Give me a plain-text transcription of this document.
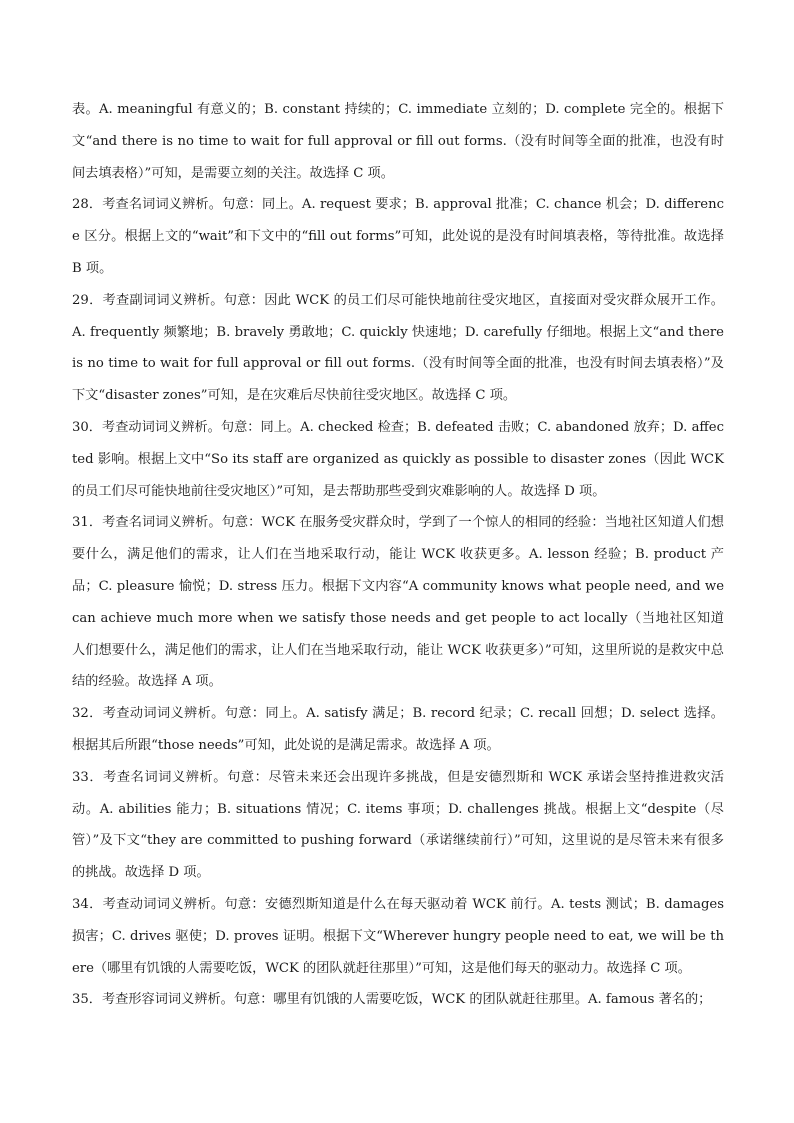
表。A. meaningful 有意义的；B. constant 持续的；C. immediate 立刻的；D. complete 完全的。根据下文“and there is no time to wait for full approval or fill out forms.（没有时间等全面的批准，也没有时间去填表格）”可知，是需要立刻的关注。故选择 C 项。

28．考查名词词义辨析。句意：同上。A. request 要求；B. approval 批准；C. chance 机会；D. difference 区分。根据上文的“wait”和下文中的“fill out forms”可知，此处说的是没有时间填表格，等待批准。故选择 B 项。

29．考查副词词义辨析。句意：因此 WCK 的员工们尽可能快地前往受灾地区，直接面对受灾群众展开工作。A. frequently 频繁地；B. bravely 勇敢地；C. quickly 快速地；D. carefully 仔细地。根据上文“and there is no time to wait for full approval or fill out forms.（没有时间等全面的批准，也没有时间去填表格）”及下文“disaster zones”可知，是在灾难后尽快前往受灾地区。故选择 C 项。

30．考查动词词义辨析。句意：同上。A. checked 检查；B. defeated 击败；C. abandoned 放弃；D. affected 影响。根据上文中“So its staff are organized as quickly as possible to disaster zones（因此 WCK 的员工们尽可能快地前往受灾地区）”可知，是去帮助那些受到灾难影响的人。故选择 D 项。

31．考查名词词义辨析。句意：WCK 在服务受灾群众时，学到了一个惊人的相同的经验：当地社区知道人们想要什么，满足他们的需求，让人们在当地采取行动，能让 WCK 收获更多。A. lesson 经验；B. product 产品；C. pleasure 愉悦；D. stress 压力。根据下文内容“A community knows what people need, and we can achieve much more when we satisfy those needs and get people to act locally（当地社区知道人们想要什么，满足他们的需求，让人们在当地采取行动，能让 WCK 收获更多）”可知，这里所说的是救灾中总结的经验。故选择 A 项。

32．考查动词词义辨析。句意：同上。A. satisfy 满足；B. record 纪录；C. recall 回想；D. select 选择。根据其后所跟“those needs”可知，此处说的是满足需求。故选择 A 项。

33．考查名词词义辨析。句意：尽管未来还会出现许多挑战，但是安德烈斯和 WCK 承诺会坚持推进救灾活动。A. abilities 能力；B. situations 情况；C. items 事项；D. challenges 挑战。根据上文“despite（尽管）”及下文“they are committed to pushing forward（承诺继续前行）”可知，这里说的是尽管未来有很多的挑战。故选择 D 项。

34．考查动词词义辨析。句意：安德烈斯知道是什么在每天驱动着 WCK 前行。A. tests 测试；B. damages 损害；C. drives 驱使；D. proves 证明。根据下文“Wherever hungry people need to eat, we will be there（哪里有饥饿的人需要吃饭，WCK 的团队就赶往那里）”可知，这是他们每天的驱动力。故选择 C 项。

35．考查形容词词义辨析。句意：哪里有饥饿的人需要吃饭，WCK 的团队就赶往那里。A. famous 著名的；
